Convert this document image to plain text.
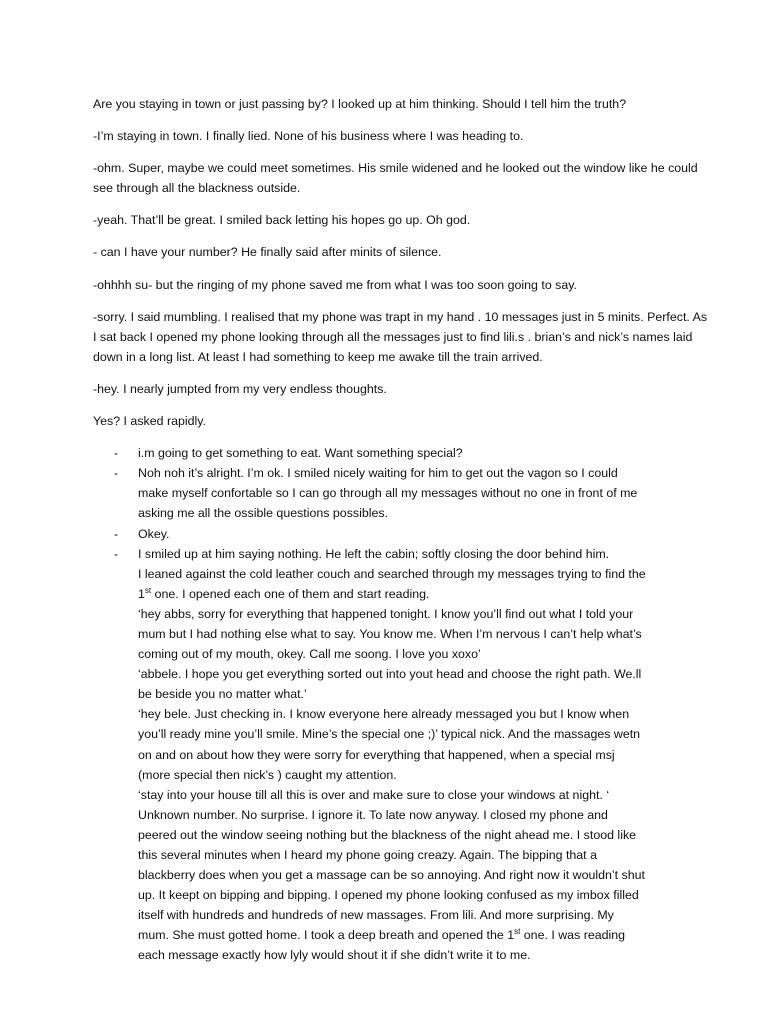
Are you staying in town or just passing by? I looked up at him thinking. Should I tell him the truth?

-I’m staying in town. I finally lied. None of his business where I was heading to.

-ohm. Super, maybe we could meet sometimes. His smile widened and he looked out the window like he could see through all the blackness outside.

-yeah. That’ll be great. I smiled back letting his hopes go up. Oh god.

- can I have your number? He finally said after minits of silence.

-ohhhh su- but the ringing of my phone saved me from what I was too soon going to say.

-sorry. I said mumbling. I realised that my phone was trapt in my hand . 10 messages just in 5 minits. Perfect. As I sat back I opened my phone looking through all the messages just to find lili.s . brian’s and nick’s names laid down in a long list. At least I had something to keep me awake till the train arrived.

-hey. I nearly jumpted from my very endless thoughts.

Yes? I asked rapidly.

- i.m going to get something to eat. Want something special?
- Noh noh it’s alright. I’m ok. I smiled nicely waiting for him to get out the vagon so I could
make myself confortable so I can go through all my messages without no one in front of me
asking me all the ossible questions possibles.
- Okey.
- I smiled up at him saying nothing. He left the cabin; softly closing the door behind him.
I leaned against the cold leather couch and searched through my messages trying to find the
1st one. I opened each one of them and start reading.
‘hey abbs, sorry for everything that happened tonight. I know you’ll find out what I told your
mum but I had nothing else what to say. You know me. When I’m nervous I can’t help what’s
coming out of my mouth, okey. Call me soong. I love you xoxo’
‘abbele. I hope you get everything sorted out into yout head and choose the right path. We.ll
be beside you no matter what.’
‘hey bele. Just checking in. I know everyone here already messaged you but I know when
you’ll ready mine you’ll smile. Mine’s the special one ;)’ typical nick. And the massages wetn
on and on about how they were sorry for everything that happened, when a special msj
(more special then nick’s ) caught my attention.
‘stay into your house till all this is over and make sure to close your windows at night. ‘
Unknown number. No surprise. I ignore it. To late now anyway. I closed my phone and
peered out the window seeing nothing but the blackness of the night ahead me. I stood like
this several minutes when I heard my phone going creazy. Again. The bipping that a
blackberry does when you get a massage can be so annoying. And right now it wouldn’t shut
up. It keept on bipping and bipping. I opened my phone looking confused as my imbox filled
itself with hundreds and hundreds of new massages. From lili. And more surprising. My
mum. She must gotted home. I took a deep breath and opened the 1st one. I was reading
each message exactly how lyly would shout it if she didn’t write it to me.
